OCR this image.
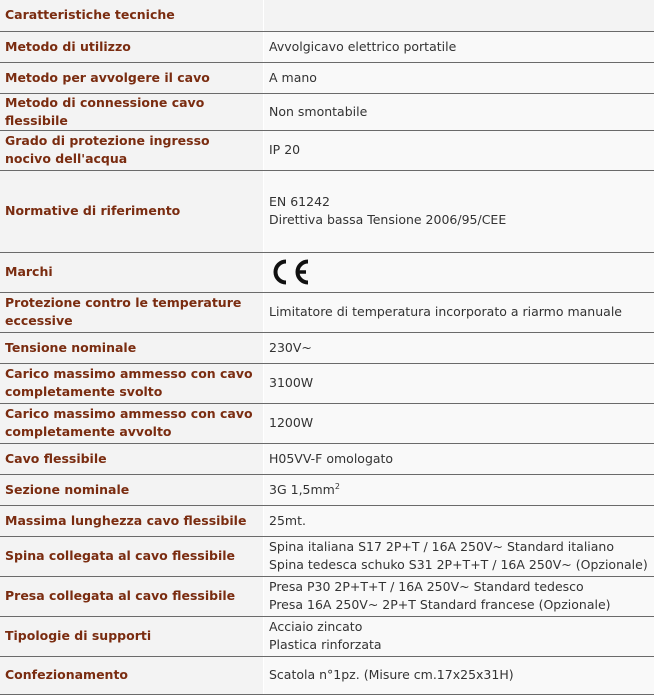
Caratteristiche tecniche	
Metodo di utilizzo	Avvolgicavo elettrico portatile
Metodo per avvolgere il cavo	A mano
Metodo di connessione cavo flessibile	Non smontabile
Grado di protezione ingresso nocivo dell'acqua	IP 20
Normative di riferimento	EN 61242
Direttiva bassa Tensione 2006/95/CEE

Marchi	

Protezione contro le temperature eccessive	Limitatore di temperatura incorporato a riarmo manuale
Tensione nominale	230V~
Carico massimo ammesso con cavo completamente svolto	3100W
Carico massimo ammesso con cavo completamente avvolto	1200W
Cavo flessibile	H05VV-F omologato
Sezione nominale	3G $1,5mm^2$
Massima lunghezza cavo flessibile	25mt.
Spina collegata al cavo flessibile	Spina italiana S17 2P+T / 16A 250V~ Standard italiano
Spina tedesca schuko S31 2P+T+T / 16A 250V~ (Opzionale)

Presa collegata al cavo flessibile	Presa P30 2P+T+T / 16A 250V~ Standard tedesco
Presa 16A 250V~ 2P+T Standard francese (Opzionale)

Tipologie di supporti	Acciaio zincato
Plastica rinforzata

Confezionamento	Scatola n°1pz. (Misure cm.17x25x31H)
